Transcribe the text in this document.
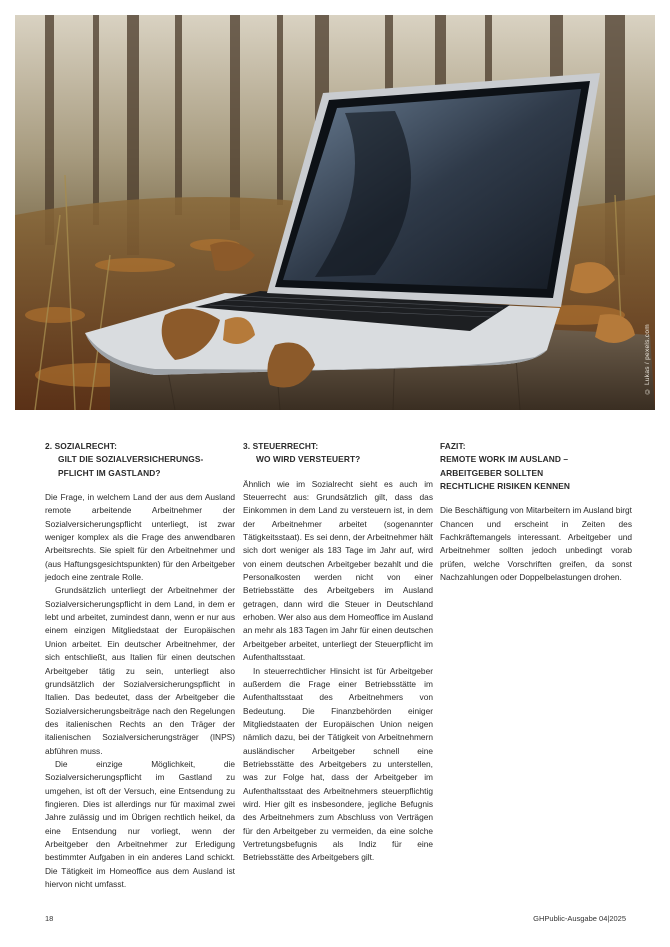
© Lukas / pexels.com
2. SOZIALRECHT:
GILT DIE SOZIALVERSICHERUNGS-
PFLICHT IM GASTLAND?

Die Frage, in welchem Land der aus dem Ausland remote arbeitende Arbeitnehmer der Sozialversicherungspflicht unterliegt, ist zwar weniger komplex als die Frage des anwendbaren Arbeitsrechts. Sie spielt für den Arbeitnehmer und (aus Haftungsgesichtspunkten) für den Arbeitgeber jedoch eine zentrale Rolle.

Grundsätzlich unterliegt der Arbeitnehmer der Sozialversicherungspflicht in dem Land, in dem er lebt und arbeitet, zumindest dann, wenn er nur aus einem einzigen Mitgliedstaat der Europäischen Union arbeitet. Ein deutscher Arbeitnehmer, der sich entschließt, aus Italien für einen deutschen Arbeitgeber tätig zu sein, unterliegt also grundsätzlich der Sozialversicherungspflicht in Italien. Das bedeutet, dass der Arbeitgeber die Sozialversicherungsbeiträge nach den Regelungen des italienischen Rechts an den Träger der italienischen Sozialversicherungsträger (INPS) abführen muss.

Die einzige Möglichkeit, die Sozialversicherungspflicht im Gastland zu umgehen, ist oft der Versuch, eine Entsendung zu fingieren. Dies ist allerdings nur für maximal zwei Jahre zulässig und im Übrigen rechtlich heikel, da eine Entsendung nur vorliegt, wenn der Arbeitgeber den Arbeitnehmer zur Erledigung bestimmter Aufgaben in ein anderes Land schickt. Die Tätigkeit im Homeoffice aus dem Ausland ist hiervon nicht umfasst.

3. STEUERRECHT:
WO WIRD VERSTEUERT?

Ähnlich wie im Sozialrecht sieht es auch im Steuerrecht aus: Grundsätzlich gilt, dass das Einkommen in dem Land zu versteuern ist, in dem der Arbeitnehmer arbeitet (sogenannter Tätigkeitsstaat). Es sei denn, der Arbeitnehmer hält sich dort weniger als 183 Tage im Jahr auf, wird von einem deutschen Arbeitgeber bezahlt und die Personalkosten werden nicht von einer Betriebsstätte des Arbeitgebers im Ausland getragen, dann wird die Steuer in Deutschland erhoben. Wer also aus dem Homeoffice im Ausland an mehr als 183 Tagen im Jahr für einen deutschen Arbeitgeber arbeitet, unterliegt der Steuerpflicht im Aufenthaltsstaat.

In steuerrechtlicher Hinsicht ist für Arbeitgeber außerdem die Frage einer Betriebsstätte im Aufenthaltsstaat des Arbeitnehmers von Bedeutung. Die Finanzbehörden einiger Mitgliedstaaten der Europäischen Union neigen nämlich dazu, bei der Tätigkeit von Arbeitnehmern ausländischer Arbeitgeber schnell eine Betriebsstätte des Arbeitgebers zu unterstellen, was zur Folge hat, dass der Arbeitgeber im Aufenthaltsstaat des Arbeitnehmers steuerpflichtig wird. Hier gilt es insbesondere, jegliche Befugnis des Arbeitnehmers zum Abschluss von Verträgen für den Arbeitgeber zu vermeiden, da eine solche Vertretungsbefugnis als Indiz für eine Betriebsstätte des Arbeitgebers gilt.

FAZIT:
REMOTE WORK IM AUSLAND –
ARBEITGEBER SOLLTEN
RECHTLICHE RISIKEN KENNEN

Die Beschäftigung von Mitarbeitern im Ausland birgt Chancen und erscheint in Zeiten des Fachkräftemangels interessant. Arbeitgeber und Arbeitnehmer sollten jedoch unbedingt vorab prüfen, welche Vorschriften greifen, da sonst Nachzahlungen oder Doppelbelastungen drohen.

18	GHPublic-Ausgabe 04|2025
